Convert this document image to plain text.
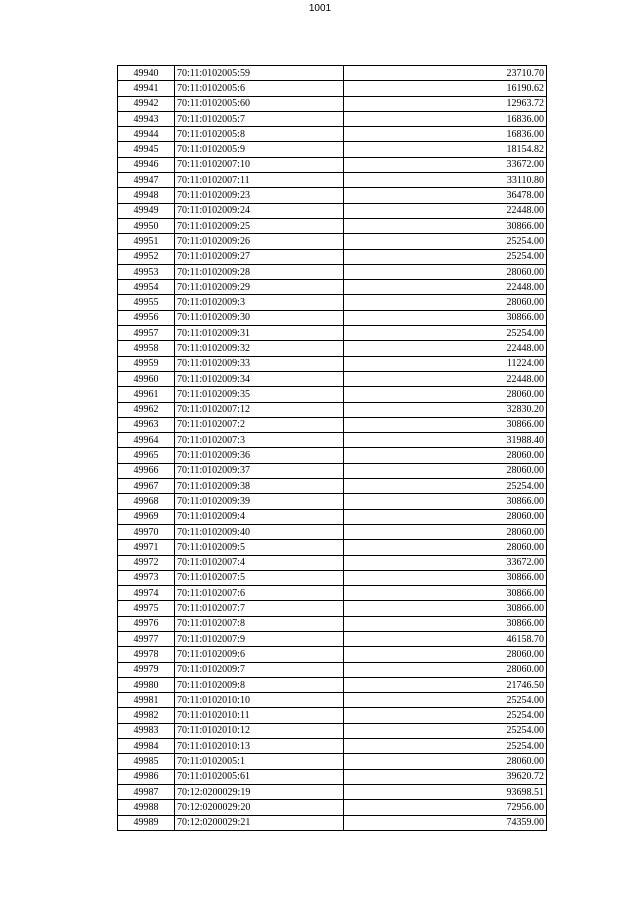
1001
49940	70:11:0102005:59	23710.70
49941	70:11:0102005:6	16190.62
49942	70:11:0102005:60	12963.72
49943	70:11:0102005:7	16836.00
49944	70:11:0102005:8	16836.00
49945	70:11:0102005:9	18154.82
49946	70:11:0102007:10	33672.00
49947	70:11:0102007:11	33110.80
49948	70:11:0102009:23	36478.00
49949	70:11:0102009:24	22448.00
49950	70:11:0102009:25	30866.00
49951	70:11:0102009:26	25254.00
49952	70:11:0102009:27	25254.00
49953	70:11:0102009:28	28060.00
49954	70:11:0102009:29	22448.00
49955	70:11:0102009:3	28060.00
49956	70:11:0102009:30	30866.00
49957	70:11:0102009:31	25254.00
49958	70:11:0102009:32	22448.00
49959	70:11:0102009:33	11224.00
49960	70:11:0102009:34	22448.00
49961	70:11:0102009:35	28060.00
49962	70:11:0102007:12	32830.20
49963	70:11:0102007:2	30866.00
49964	70:11:0102007:3	31988.40
49965	70:11:0102009:36	28060.00
49966	70:11:0102009:37	28060.00
49967	70:11:0102009:38	25254.00
49968	70:11:0102009:39	30866.00
49969	70:11:0102009:4	28060.00
49970	70:11:0102009:40	28060.00
49971	70:11:0102009:5	28060.00
49972	70:11:0102007:4	33672.00
49973	70:11:0102007:5	30866.00
49974	70:11:0102007:6	30866.00
49975	70:11:0102007:7	30866.00
49976	70:11:0102007:8	30866.00
49977	70:11:0102007:9	46158.70
49978	70:11:0102009:6	28060.00
49979	70:11:0102009:7	28060.00
49980	70:11:0102009:8	21746.50
49981	70:11:0102010:10	25254.00
49982	70:11:0102010:11	25254.00
49983	70:11:0102010:12	25254.00
49984	70:11:0102010:13	25254.00
49985	70:11:0102005:1	28060.00
49986	70:11:0102005:61	39620.72
49987	70:12:0200029:19	93698.51
49988	70:12:0200029:20	72956.00
49989	70:12:0200029:21	74359.00
